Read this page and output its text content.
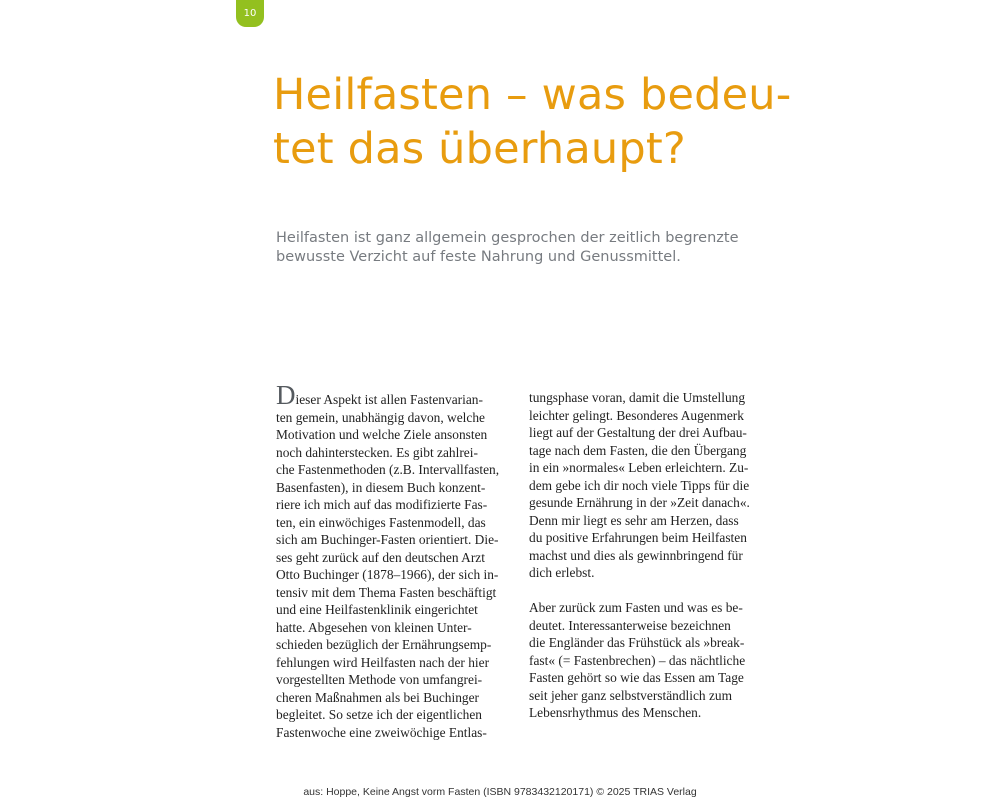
10
Heilfasten – was bedeu-
tet das überhaupt?

Heilfasten ist ganz allgemein gesprochen der zeitlich begrenzte
bewusste Verzicht auf feste Nahrung und Genussmittel.

Dieser Aspekt ist allen Fastenvarian-
ten gemein, unabhängig davon, welche
Motivation und welche Ziele ansonsten
noch dahinterstecken. Es gibt zahlrei-
che Fastenmethoden (z.B. Intervallfasten,
Basenfasten), in diesem Buch konzent-
riere ich mich auf das modifizierte Fas-
ten, ein einwöchiges Fastenmodell, das
sich am Buchinger-Fasten orientiert. Die-
ses geht zurück auf den deutschen Arzt
Otto Buchinger (1878–1966), der sich in-
tensiv mit dem Thema Fasten beschäftigt
und eine Heilfastenklinik eingerichtet
hatte. Abgesehen von kleinen Unter-
schieden bezüglich der Ernährungsemp-
fehlungen wird Heilfasten nach der hier
vorgestellten Methode von umfangrei-
cheren Maßnahmen als bei Buchinger
begleitet. So setze ich der eigentlichen
Fastenwoche eine zweiwöchige Entlas-
tungsphase voran, damit die Umstellung
leichter gelingt. Besonderes Augenmerk
liegt auf der Gestaltung der drei Aufbau-
tage nach dem Fasten, die den Übergang
in ein »normales« Leben erleichtern. Zu-
dem gebe ich dir noch viele Tipps für die
gesunde Ernährung in der »Zeit danach«.
Denn mir liegt es sehr am Herzen, dass
du positive Erfahrungen beim Heilfasten
machst und dies als gewinnbringend für
dich erlebst.
Aber zurück zum Fasten und was es be-
deutet. Interessanterweise bezeichnen
die Engländer das Frühstück als »break-
fast« (= Fastenbrechen) – das nächtliche
Fasten gehört so wie das Essen am Tage
seit jeher ganz selbstverständlich zum
Lebensrhythmus des Menschen.
aus: Hoppe, Keine Angst vorm Fasten (ISBN 9783432120171) © 2025 TRIAS Verlag
